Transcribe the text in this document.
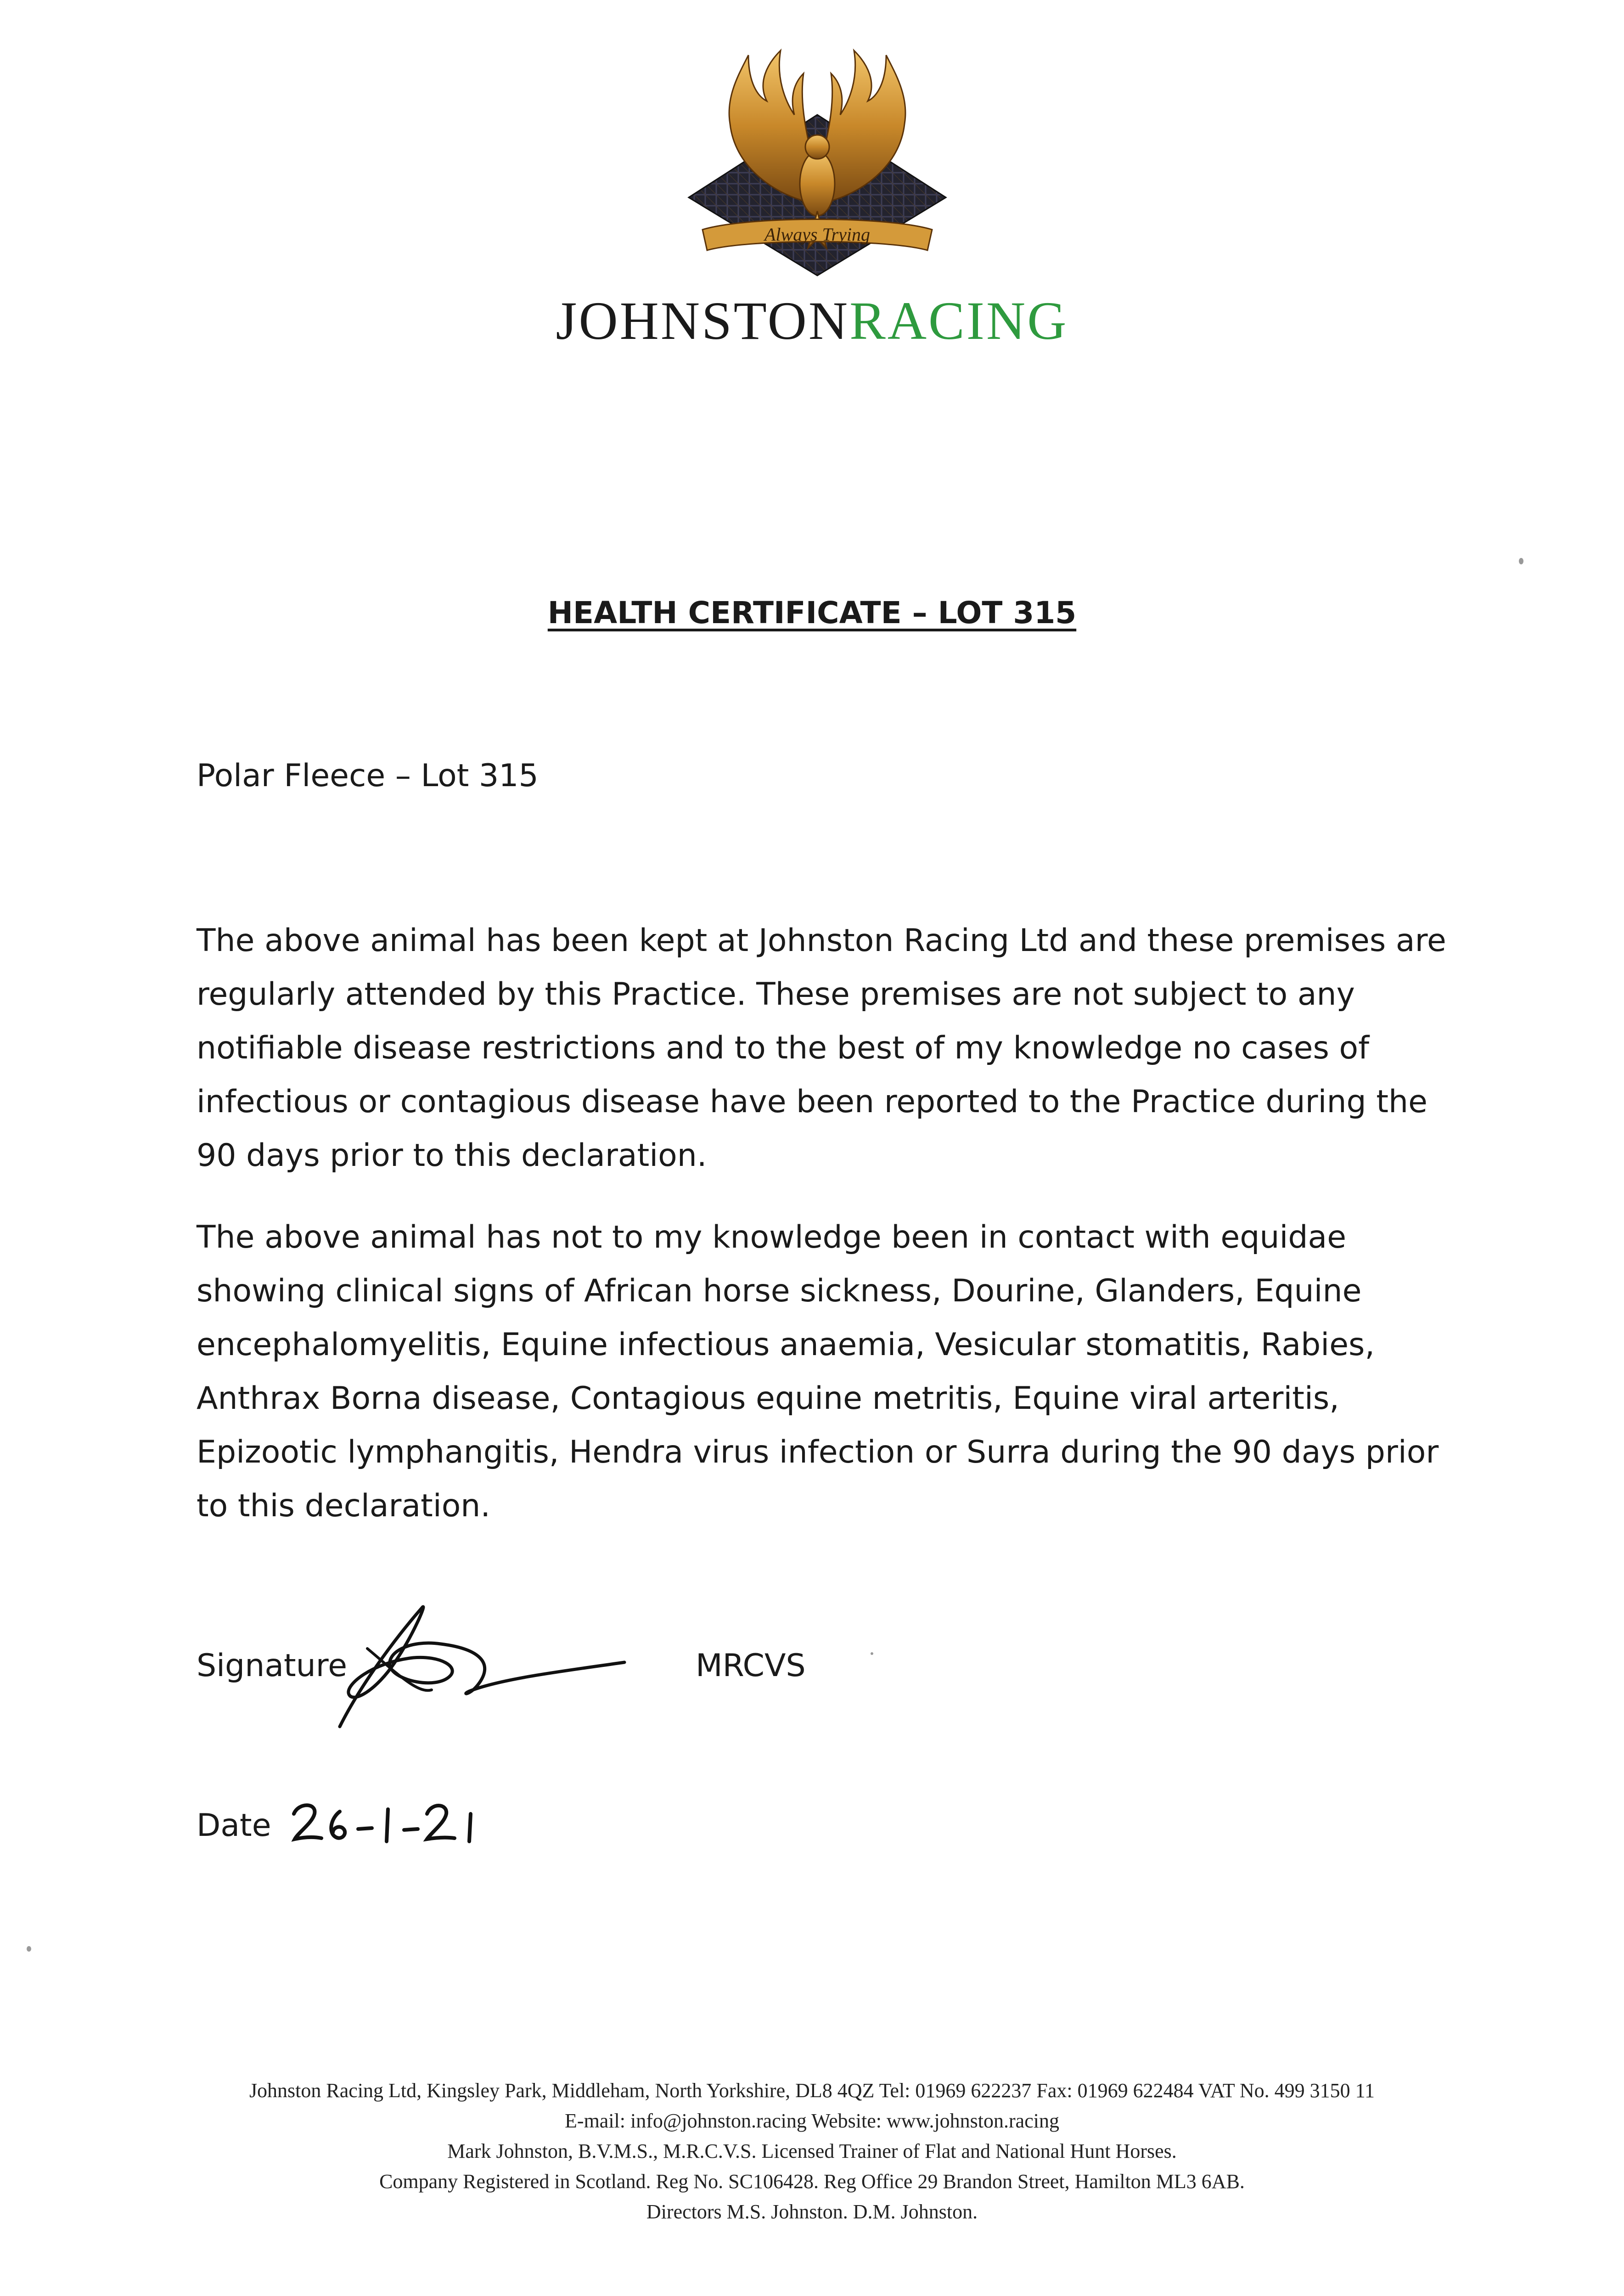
Always Trying
JOHNSTONRACING
HEALTH CERTIFICATE – LOT 315
Polar Fleece – Lot 315

The above animal has been kept at Johnston Racing Ltd and these premises are regularly attended by this Practice. These premises are not subject to any notifiable disease restrictions and to the best of my knowledge no cases of infectious or contagious disease have been reported to the Practice during the 90 days prior to this declaration.

The above animal has not to my knowledge been in contact with equidae showing clinical signs of African horse sickness, Dourine, Glanders, Equine encephalomyelitis, Equine infectious anaemia, Vesicular stomatitis, Rabies, Anthrax Borna disease, Contagious equine metritis, Equine viral arteritis, Epizootic lymphangitis, Hendra virus infection or Surra during the 90 days prior to this declaration.

Signature	MRCVS
Date
Johnston Racing Ltd, Kingsley Park, Middleham, North Yorkshire, DL8 4QZ Tel: 01969 622237 Fax: 01969 622484 VAT No. 499 3150 11
E-mail: info@johnston.racing Website: www.johnston.racing
Mark Johnston, B.V.M.S., M.R.C.V.S. Licensed Trainer of Flat and National Hunt Horses.
Company Registered in Scotland. Reg No. SC106428. Reg Office 29 Brandon Street, Hamilton ML3 6AB.
Directors M.S. Johnston. D.M. Johnston.
